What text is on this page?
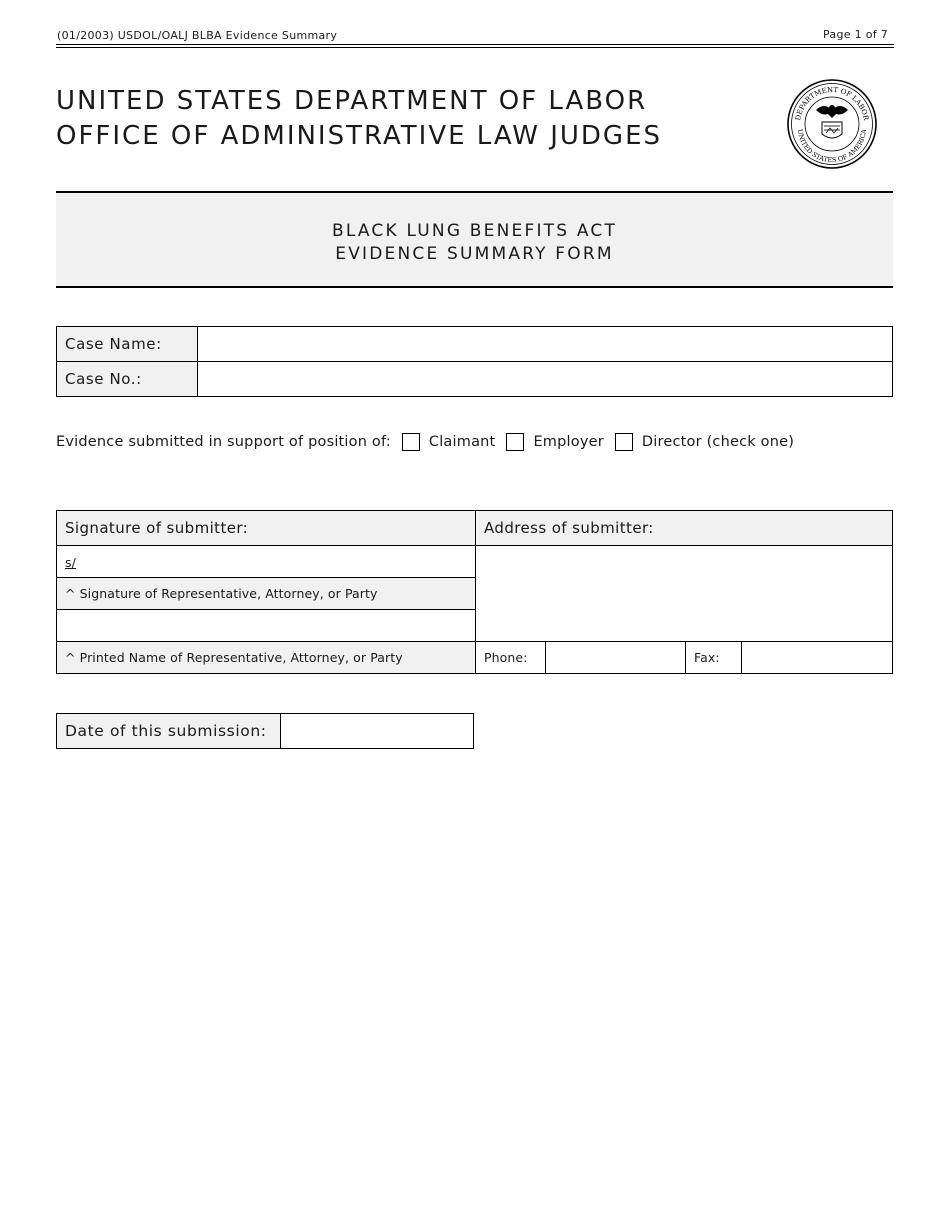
(01/2003) USDOL/OALJ BLBA Evidence Summary	Page 1 of 7
UNITED STATES DEPARTMENT OF LABOR
OFFICE OF ADMINISTRATIVE LAW JUDGES
DEPARTMENT OF LABOR
UNITED STATES OF AMERICA
BLACK LUNG BENEFITS ACT
EVIDENCE SUMMARY FORM
Case Name:	
Case No.:	
Evidence submitted in support of position of:	Claimant	Employer	Director (check one)
Signature of submitter:	Address of submitter:			
s/				
^ Signature of Representative, Attorney, or Party				

^ Printed Name of Representative, Attorney, or Party	Phone:		Fax:	
Date of this submission:	
